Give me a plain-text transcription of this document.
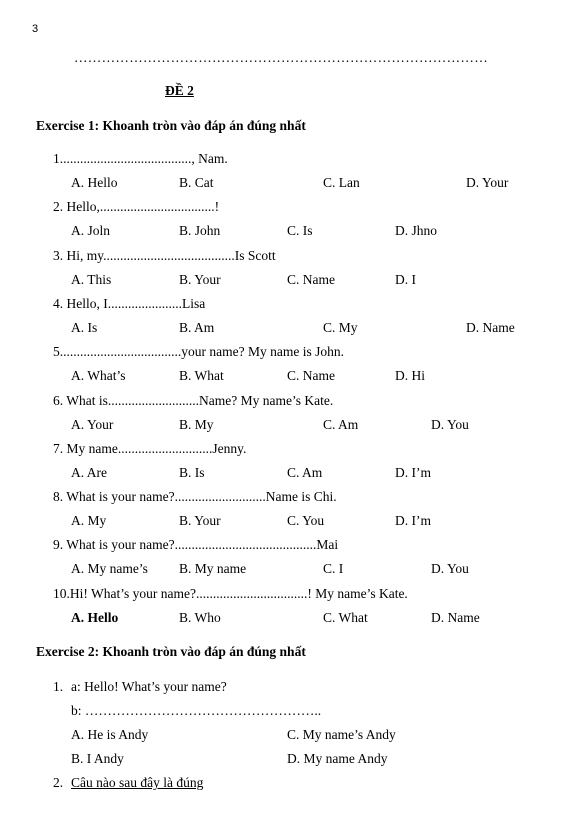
3
………………………………………………………………………………
ĐỀ 2
Exercise 1: Khoanh tròn vào đáp án đúng nhất
1......................................., Nam.
A. Hello	B. Cat	C. Lan	D. Your
2. Hello,..................................!
A. Joln	B. John	C. Is	D. Jhno
3. Hi, my.......................................Is Scott
A. This	B. Your	C. Name	D. I
4. Hello, I......................Lisa
A. Is	B. Am	C. My	D. Name
5....................................your name? My name is John.
A. What’s	B. What	C. Name	D. Hi
6. What is...........................Name? My name’s Kate.
A. Your	B. My	C. Am	D. You
7. My name............................Jenny.
A. Are	B. Is	C. Am	D. I’m
8. What is your name?...........................Name is Chi.
A. My	B. Your	C. You	D. I’m
9. What is your name?..........................................Mai
A. My name’s B. My name	C. I	D. You
10.Hi! What’s your name?.................................! My name’s Kate.
A. Hello	B. Who	C. What	D. Name
Exercise 2: Khoanh tròn vào đáp án đúng nhất
1. a: Hello! What’s your name?
b: ……………………………………………..
A. He is Andy	C. My name’s Andy
B. I Andy	D. My name Andy
2. Câu nào sau đây là đúng
